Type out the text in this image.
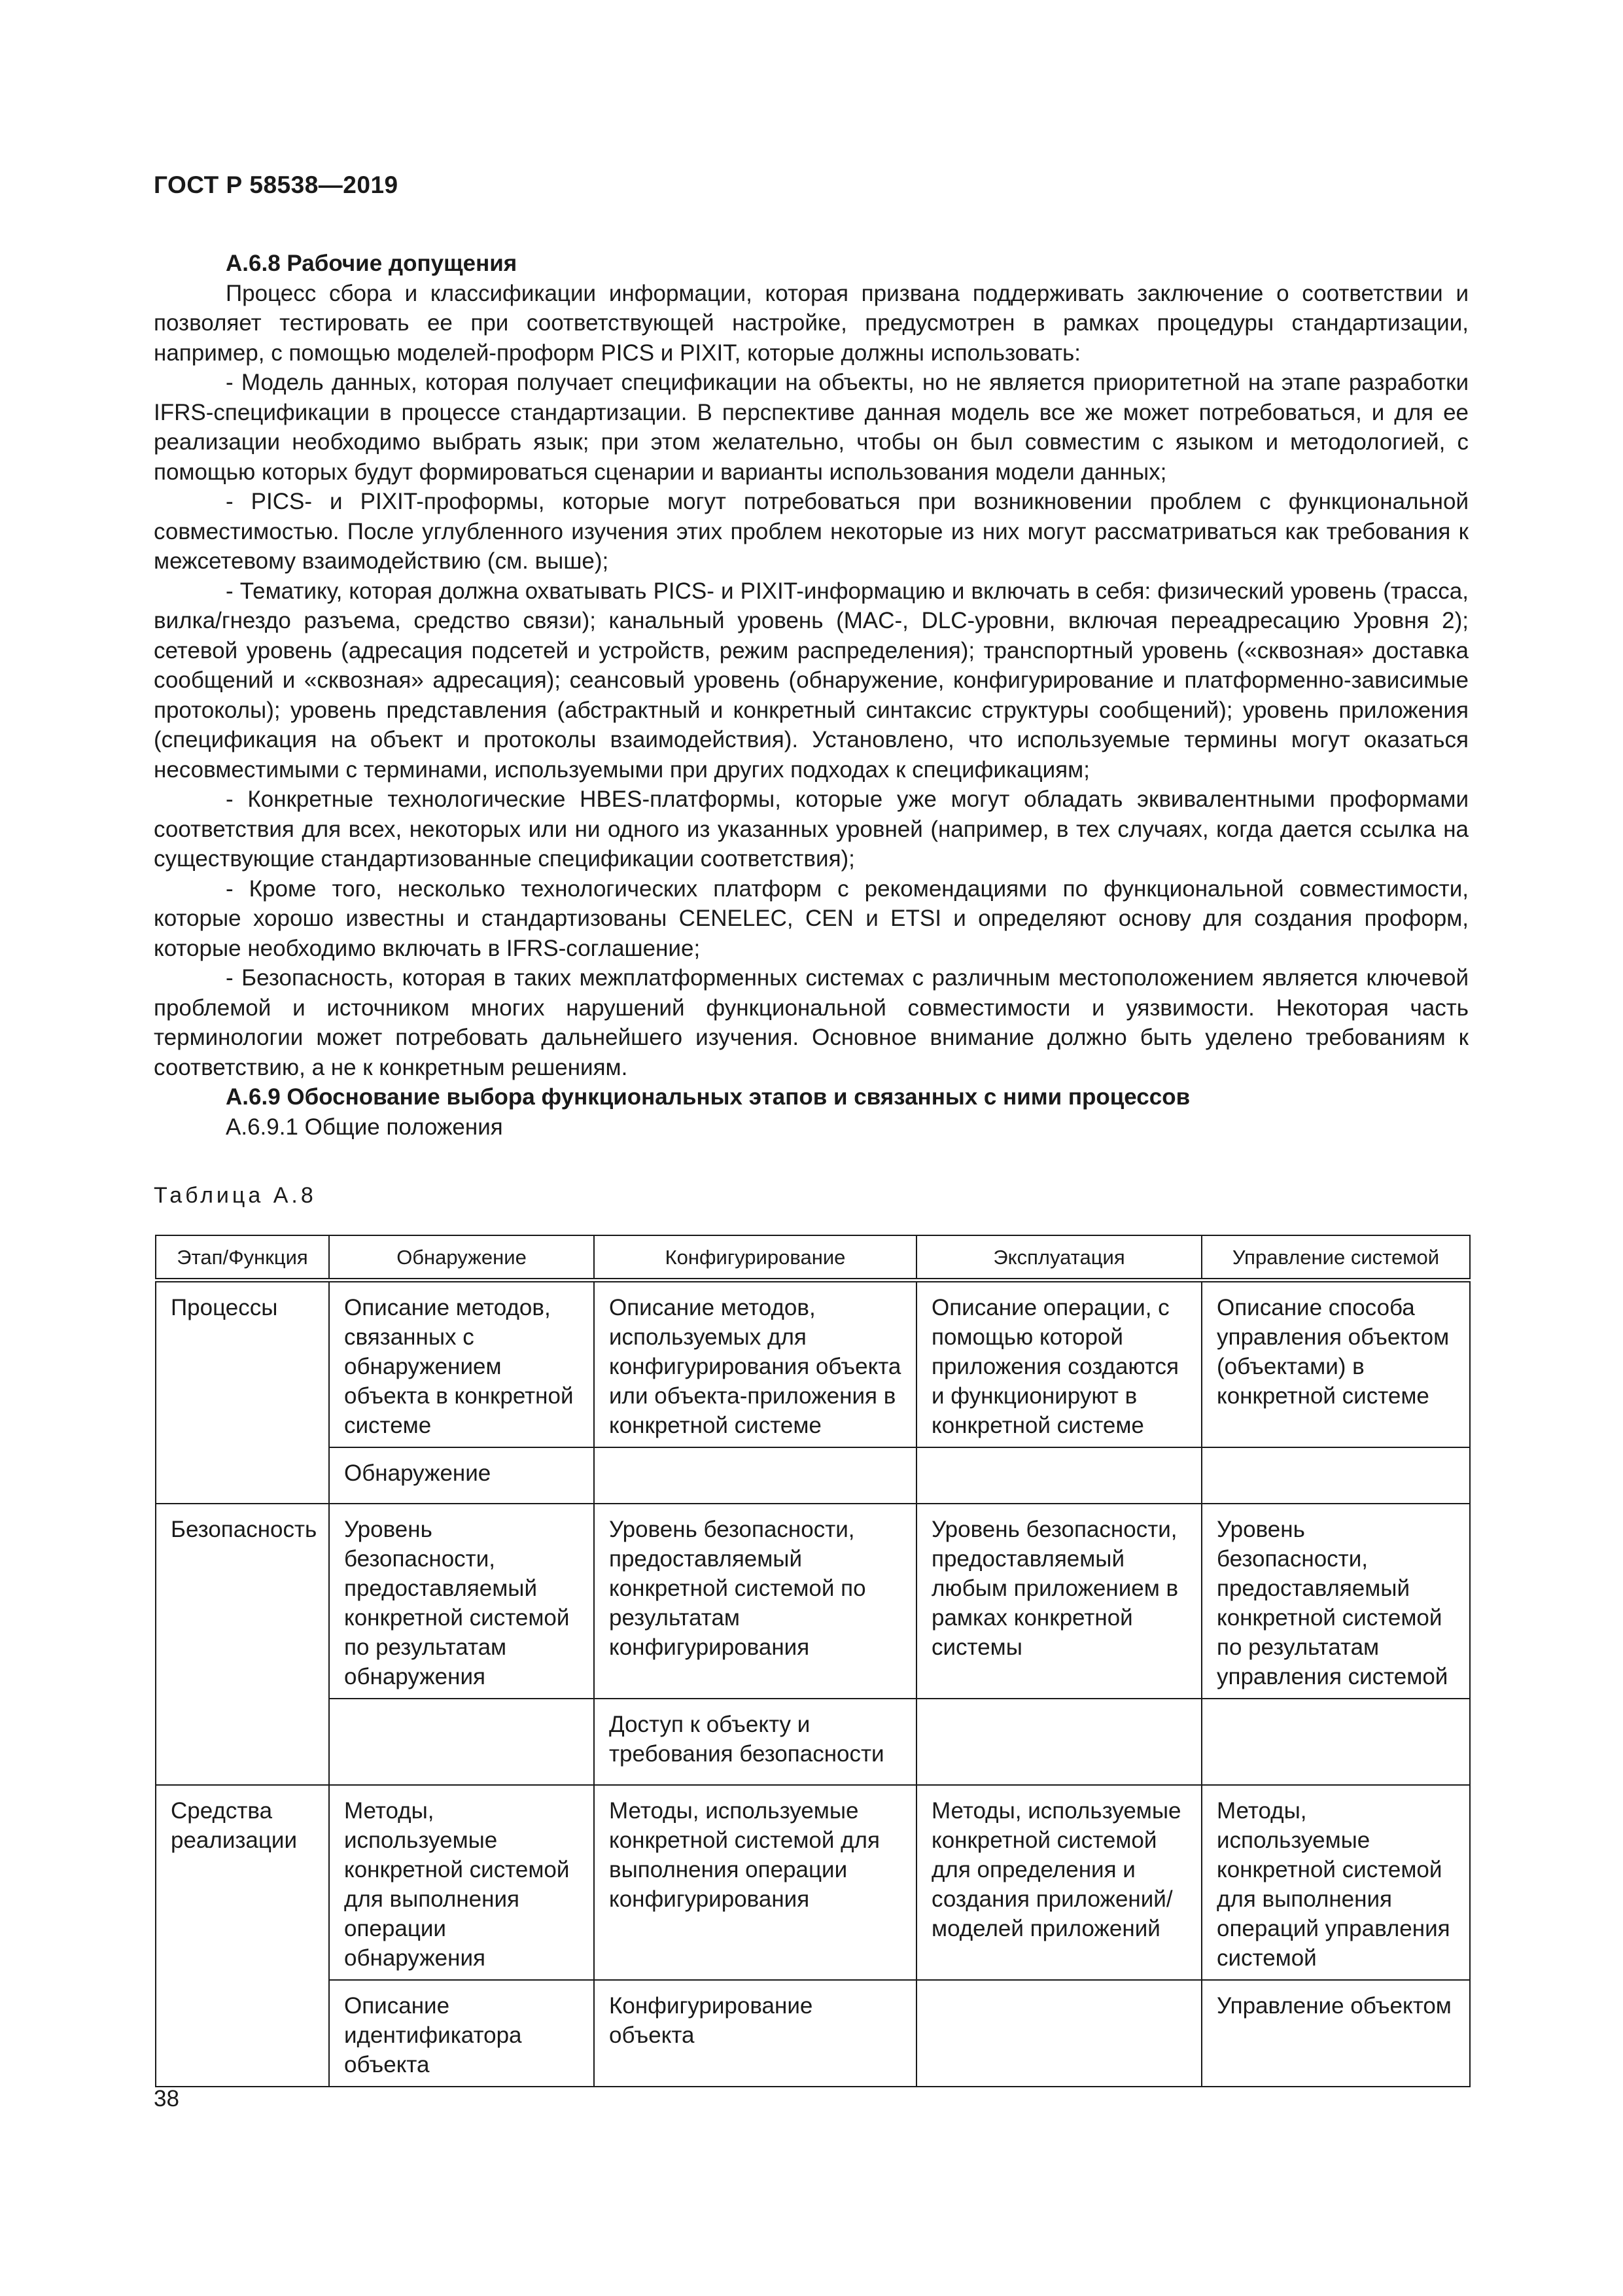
ГОСТ Р 58538—2019

А.6.8 Рабочие допущения

Процесс сбора и классификации информации, которая призвана поддерживать заключение о соответствии и позволяет тестировать ее при соответствующей настройке, предусмотрен в рамках процедуры стандартизации, например, с помощью моделей-проформ PICS и PIXIT, которые должны использовать:

- Модель данных, которая получает спецификации на объекты, но не является приоритетной на этапе разработки IFRS-спецификации в процессе стандартизации. В перспективе данная модель все же может потребоваться, и для ее реализации необходимо выбрать язык; при этом желательно, чтобы он был совместим с языком и методологией, с помощью которых будут формироваться сценарии и варианты использования модели данных;

- PICS- и PIXIT-проформы, которые могут потребоваться при возникновении проблем с функциональной совместимостью. После углубленного изучения этих проблем некоторые из них могут рассматриваться как требования к межсетевому взаимодействию (см. выше);

- Тематику, которая должна охватывать PICS- и PIXIT-информацию и включать в себя: физический уровень (трасса, вилка/гнездо разъема, средство связи); канальный уровень (MAC-, DLC-уровни, включая переадресацию Уровня 2); сетевой уровень (адресация подсетей и устройств, режим распределения); транспортный уровень («сквозная» доставка сообщений и «сквозная» адресация); сеансовый уровень (обнаружение, конфигурирование и платформенно-зависимые протоколы); уровень представления (абстрактный и конкретный синтаксис структуры сообщений); уровень приложения (спецификация на объект и протоколы взаимодействия). Установлено, что используемые термины могут оказаться несовместимыми с терминами, используемыми при других подходах к спецификациям;

- Конкретные технологические HBES-платформы, которые уже могут обладать эквивалентными проформами соответствия для всех, некоторых или ни одного из указанных уровней (например, в тех случаях, когда дается ссылка на существующие стандартизованные спецификации соответствия);

- Кроме того, несколько технологических платформ с рекомендациями по функциональной совместимости, которые хорошо известны и стандартизованы CENELEC, CEN и ETSI и определяют основу для создания проформ, которые необходимо включать в IFRS-соглашение;

- Безопасность, которая в таких межплатформенных системах с различным местоположением является ключевой проблемой и источником многих нарушений функциональной совместимости и уязвимости. Некоторая часть терминологии может потребовать дальнейшего изучения. Основное внимание должно быть уделено требованиям к соответствию, а не к конкретным решениям.

А.6.9 Обоснование выбора функциональных этапов и связанных с ними процессов

А.6.9.1 Общие положения

Таблица А.8
Этап/Функция	Обнаружение	Конфигурирование	Эксплуатация	Управление системой
Процессы	Описание методов, связанных с обнаружением объекта в конкретной системе	Описание методов, используемых для конфигурирования объекта или объекта-приложения в конкретной системе	Описание операции, с помощью которой приложения создаются и функционируют в конкретной системе	Описание способа управления объектом (объектами) в конкретной системе
	Обнаружение			
Безопасность	Уровень безопасности, предоставляемый конкретной системой по результатам обнаружения	Уровень безопасности, предоставляемый конкретной системой по результатам конфигурирования	Уровень безопасности, предоставляемый любым приложением в рамках конкретной системы	Уровень безопасности, предоставляемый конкретной системой по результатам управления системой
		Доступ к объекту и требования безопасности		
Средства реализации	Методы, используемые конкретной системой для выполнения операции обнаружения	Методы, используемые конкретной системой для выполнения операции конфигурирования	Методы, используемые конкретной системой для определения и создания приложений/моделей приложений	Методы, используемые конкретной системой для выполнения операций управления системой
	Описание идентификатора объекта	Конфигурирование объекта		Управление объектом
38
